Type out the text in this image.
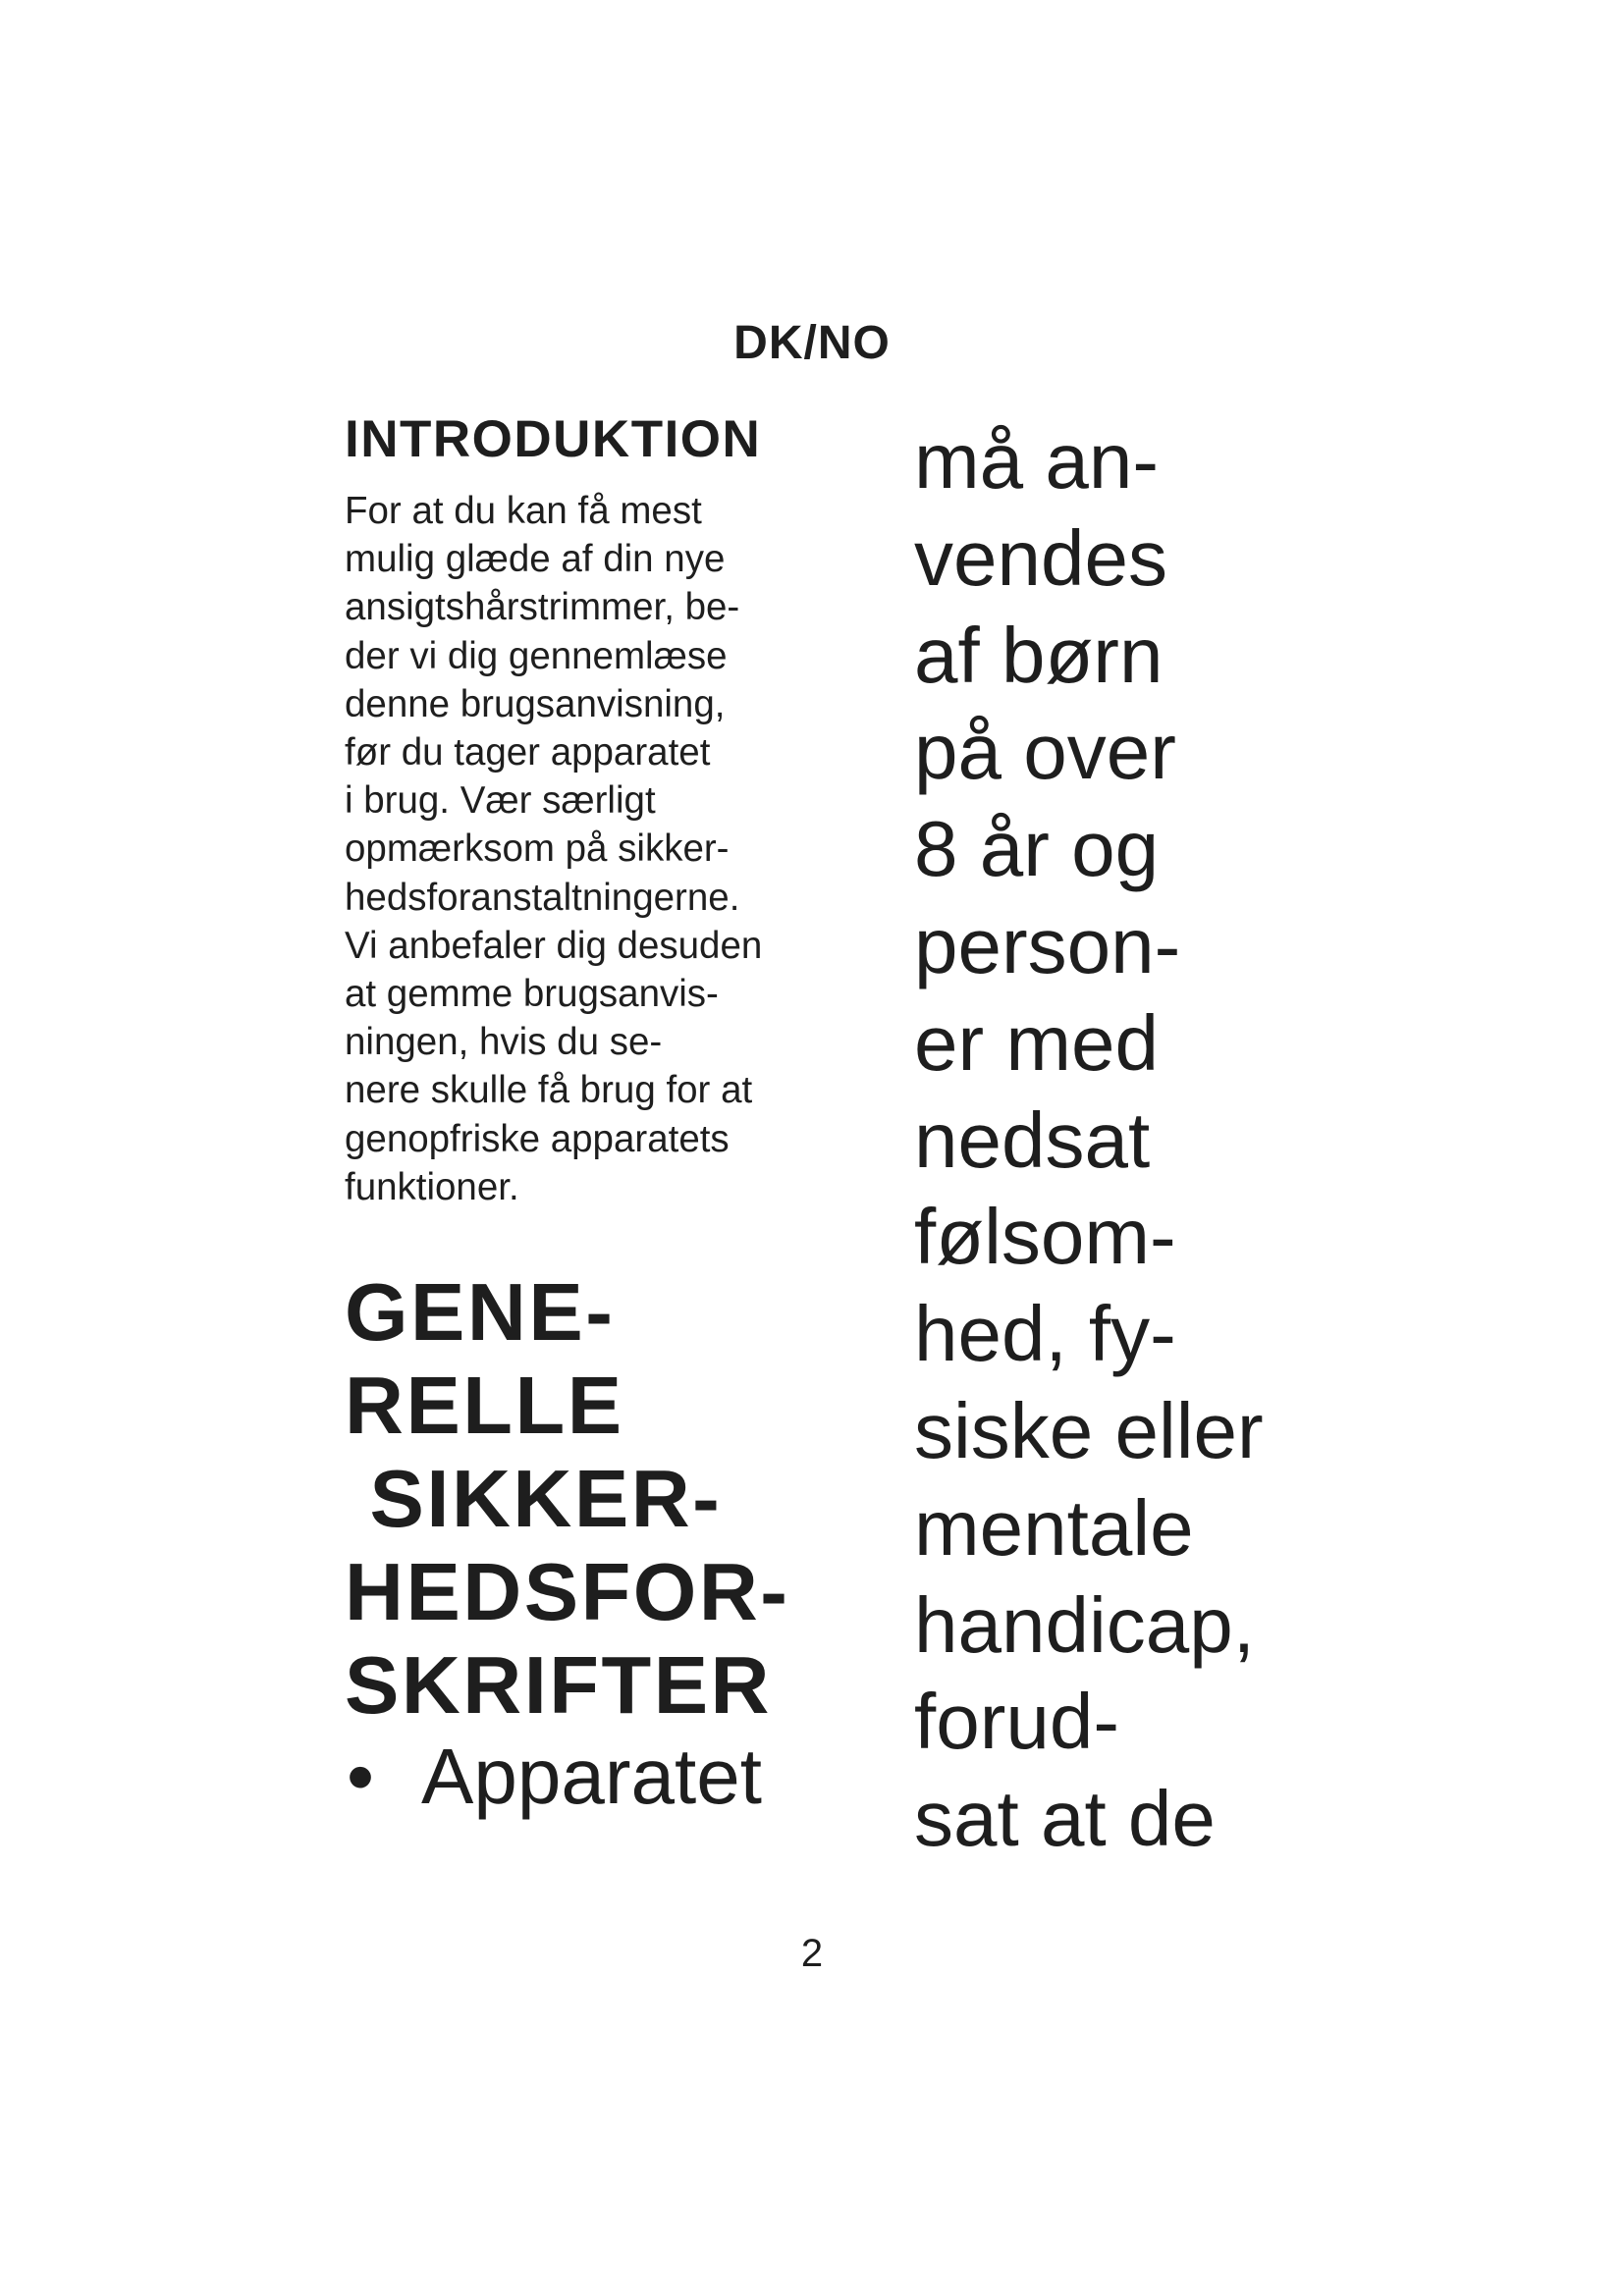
DK/NO
INTRODUKTION
For at du kan få mest
mulig glæde af din nye
ansigtshårstrimmer, be-
der vi dig gennemlæse
denne brugsanvisning,
før du tager apparatet
i brug. Vær særligt
opmærksom på sikker-
hedsforanstaltningerne.
Vi anbefaler dig desuden
at gemme brugsanvis-
ningen, hvis du se-
nere skulle få brug for at
genopfriske apparatets
funktioner.
GENE-
RELLE
SIKKER-
HEDSFOR-
SKRIFTER
• Apparatet
må an-
vendes
af børn
på over
8 år og
person-
er med
nedsat
følsom-
hed, fy-
siske eller
mentale
handicap,
forud-
sat at de
2
